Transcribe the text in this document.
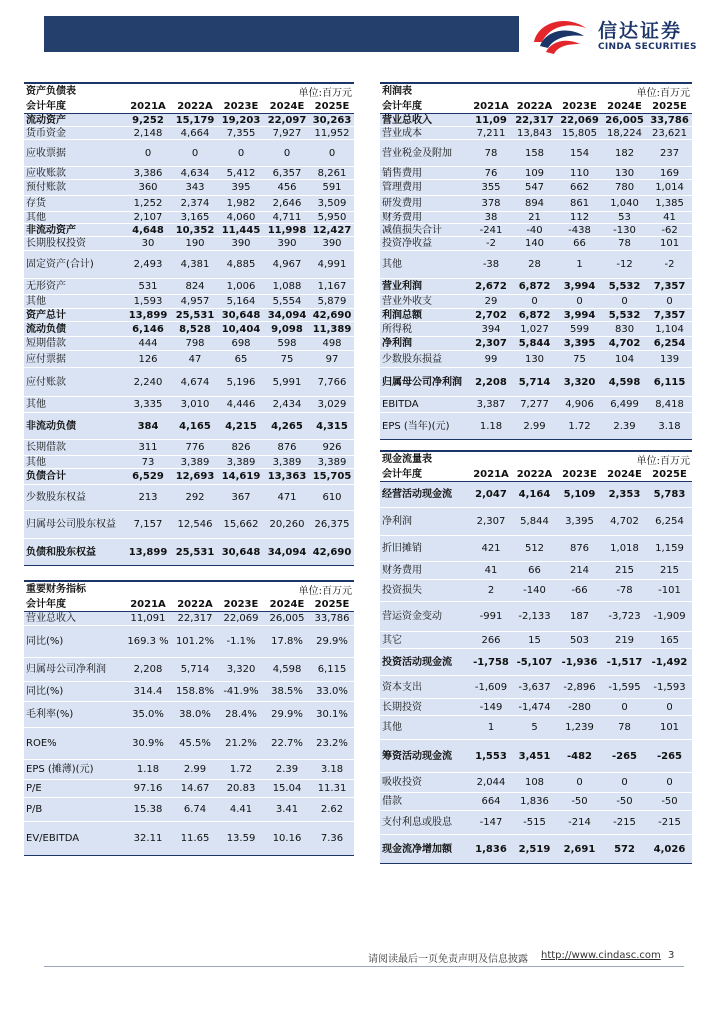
信达证券
CINDA SECURITIES
资产负债表			单位:百万元		
会计年度	2021A	2022A	2023E	2024E	2025E
流动资产	9,252	15,179	19,203	22,097	30,263
货币资金	2,148	4,664	7,355	7,927	11,952
应收票据	0	0	0	0	0
应收账款	3,386	4,634	5,412	6,357	8,261
预付账款	360	343	395	456	591
存货	1,252	2,374	1,982	2,646	3,509
其他	2,107	3,165	4,060	4,711	5,950
非流动资产	4,648	10,352	11,445	11,998	12,427
长期股权投资	30	190	390	390	390
固定资产(合计)	2,493	4,381	4,885	4,967	4,991
无形资产	531	824	1,006	1,088	1,167
其他	1,593	4,957	5,164	5,554	5,879
资产总计	13,899	25,531	30,648	34,094	42,690
流动负债	6,146	8,528	10,404	9,098	11,389
短期借款	444	798	698	598	498
应付票据	126	47	65	75	97
应付账款	2,240	4,674	5,196	5,991	7,766
其他	3,335	3,010	4,446	2,434	3,029
非流动负债	384	4,165	4,215	4,265	4,315
长期借款	311	776	826	876	926
其他	73	3,389	3,389	3,389	3,389
负债合计	6,529	12,693	14,619	13,363	15,705
少数股东权益	213	292	367	471	610
归属母公司股东权益	7,157	12,546	15,662	20,260	26,375
负债和股东权益	13,899	25,531	30,648	34,094	42,690
利润表			单位:百万元		
会计年度	2021A	2022A	2023E	2024E	2025E
营业总收入	11,09	22,317	22,069	26,005	33,786
营业成本	7,211	13,843	15,805	18,224	23,621
营业税金及附加	78	158	154	182	237
销售费用	76	109	110	130	169
管理费用	355	547	662	780	1,014
研发费用	378	894	861	1,040	1,385
财务费用	38	21	112	53	41
减值损失合计	-241	-40	-438	-130	-62
投资净收益	-2	140	66	78	101
其他	-38	28	1	-12	-2
营业利润	2,672	6,872	3,994	5,532	7,357
营业外收支	29	0	0	0	0
利润总额	2,702	6,872	3,994	5,532	7,357
所得税	394	1,027	599	830	1,104
净利润	2,307	5,844	3,395	4,702	6,254
少数股东损益	99	130	75	104	139
归属母公司净利润	2,208	5,714	3,320	4,598	6,115
EBITDA	3,387	7,277	4,906	6,499	8,418
EPS (当年)(元)	1.18	2.99	1.72	2.39	3.18
重要财务指标			单位:百万元		
会计年度	2021A	2022A	2023E	2024E	2025E
营业总收入	11,091	22,317	22,069	26,005	33,786
同比(%)	169.3 %	101.2%	-1.1%	17.8%	29.9%
归属母公司净利润	2,208	5,714	3,320	4,598	6,115
同比(%)	314.4	158.8%	-41.9%	38.5%	33.0%
毛利率(%)	35.0%	38.0%	28.4%	29.9%	30.1%
ROE%	30.9%	45.5%	21.2%	22.7%	23.2%
EPS (摊薄)(元)	1.18	2.99	1.72	2.39	3.18
P/E	97.16	14.67	20.83	15.04	11.31
P/B	15.38	6.74	4.41	3.41	2.62
EV/EBITDA	32.11	11.65	13.59	10.16	7.36
现金流量表			单位:百万元		
会计年度	2021A	2022A	2023E	2024E	2025E
经营活动现金流	2,047	4,164	5,109	2,353	5,783
净利润	2,307	5,844	3,395	4,702	6,254
折旧摊销	421	512	876	1,018	1,159
财务费用	41	66	214	215	215
投资损失	2	-140	-66	-78	-101
营运资金变动	-991	-2,133	187	-3,723	-1,909
其它	266	15	503	219	165
投资活动现金流	-1,758	-5,107	-1,936	-1,517	-1,492
资本支出	-1,609	-3,637	-2,896	-1,595	-1,593
长期投资	-149	-1,474	-280	0	0
其他	1	5	1,239	78	101
筹资活动现金流	1,553	3,451	-482	-265	-265
吸收投资	2,044	108	0	0	0
借款	664	1,836	-50	-50	-50
支付利息或股息	-147	-515	-214	-215	-215
现金流净增加额	1,836	2,519	2,691	572	4,026
请阅读最后一页免责声明及信息披露 http://www.cindasc.com 3
